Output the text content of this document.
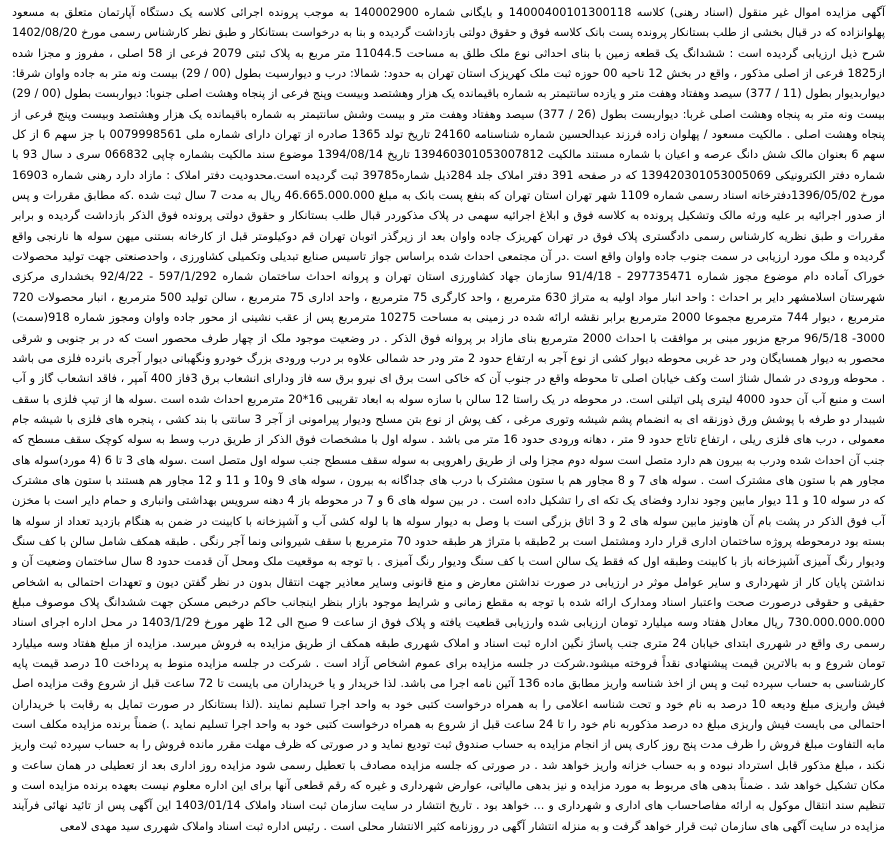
آگهی مزایده اموال غیر منقول (اسناد رهنی) کلاسه 14000400101300118 و بایگانی شماره 140002900 به موجب پرونده اجرائی کلاسه یک دستگاه آپارتمان متعلق به مسعود پهلوانزاده که در قبال بخشی از طلب بستانکار پرونده پست بانک کلاسه فوق و حقوق دولتی بازداشت گردیده و بنا به درخواست بستانکار و طبق نظر کارشناس رسمی مورخ 1402/08/20 شرح ذیل ارزیابی گردیده است : ششدانگ یک قطعه زمین با بنای احداثی نوع ملک طلق به مساحت 11044.5 متر مربع به پلاک ثبتی 2079 فرعی از 58 اصلی ، مفروز و مجزا شده از1825 فرعی از اصلی مذکور ، واقع در بخش 12 ناحیه 00 حوزه ثبت ملک کهریزک استان تهران به حدود: شمالا: درب و دیوارسیت بطول (00 / 29) بیست ونه متر به جاده واوان شرقا: دیواربدیوار بطول (11 / 377) سیصد وهفتاد وهفت متر و یازده سانتیمتر به شماره باقیمانده یک هزار وهشتصد وبیست وپنج فرعی از پنجاه وهشت اصلی جنوبا: دیواربست بطول (00 / 29) بیست ونه متر به پنجاه وهشت اصلی غربا: دیواربست بطول (26 / 377) سیصد وهفتاد وهفت متر و بیست وشش سانتیمتر به شماره باقیمانده یک هزار وهشتصد وبیست وپنج فرعی از پنجاه وهشت اصلی . مالکیت مسعود / پهلوان زاده فرزند عبدالحسین شماره شناسنامه 24160 تاریخ تولد 1365 صادره از تهران دارای شماره ملی 0079998561 با جز سهم 6 از کل سهم 6 بعنوان مالک شش دانگ عرصه و اعیان با شماره مستند مالکیت 139460301053007812 تاریخ 1394/08/14 موضوع سند مالکیت بشماره چاپی 066832 سری د سال 93 با شماره دفتر الکترونیکی 139420301053005069 که در صفحه 391 دفتر املاک جلد 284ذیل شماره39785 ثبت گردیده است.محدودیت دفتر املاک : مازاد دارد رهنی شماره 16903 مورخ 1396/05/02دفترخانه اسناد رسمی شماره 1109 شهر تهران استان تهران که بنفع پست بانک به مبلغ 46.665.000.000 ریال به مدت 7 سال ثبت شده .که مطابق مقررات و پس از صدور اجرائیه بر علیه ورثه مالک وتشکیل پرونده به کلاسه فوق و ابلاغ اجرائیه سهمی در پلاک مذکوردر قبال طلب بستانکار و حقوق دولتی پرونده فوق الذکر بازداشت گردیده و برابر مقررات و طبق نظریه کارشناس رسمی دادگستری پلاک فوق در تهران کهریزک جاده واوان بعد از زیرگذر اتوبان تهران قم دوکیلومتر قبل از کارخانه بستنی میهن سوله ها نارنجی واقع گردیده و ملک مورد ارزیابی در سمت جنوب جاده واوان واقع است .در آن مجتمعی احداث شده براساس جواز تاسیس صنایع تبدیلی وتکمیلی کشاورزی ، واحدصنعتی جهت تولید محصولات خوراک آماده دام موضوع مجوز شماره 297735471 - 91/4/18 سازمان جهاد کشاورزی استان تهران و پروانه احداث ساختمان شماره 597/1/292 - 92/4/22 بخشداری مرکزی شهرستان اسلامشهر دایر بر احداث : واحد انبار مواد اولیه به متراژ 630 مترمربع ، واحد کارگری 75 مترمربع ، واحد اداری 75 مترمربع ، سالن تولید 500 مترمربع ، انبار محصولات 720 مترمربع ، دیوار 744 مترمربع مجموعا 2000 مترمربع برابر نقشه ارائه شده در زمینی به مساحت 10275 مترمربع پس از عقب نشینی از محور جاده واوان ومجوز شماره 918(سمت) 3000- 96/5/18 مرجع مزبور مبنی بر موافقت با احداث 2000 مترمربع بنای مازاد بر پروانه فوق الذکر . در وضعیت موجود ملک از چهار طرف محصور است که در بر جنوبی و شرقی محصور به دیوار همسایگان ودر حد غربی محوطه دیوار کشی از نوع آجر به ارتفاع حدود 2 متر ودر حد شمالی علاوه بر درب ورودی بزرگ خودرو ونگهبانی دیوار آجری بانرده فلزی می باشد . محوطه ورودی در شمال شناژ است وکف خیابان اصلی تا محوطه واقع در جنوب آن که خاکی است برق ای نیرو برق سه فاز ودارای انشعاب برق 3فاز 400 آمپر ، فاقد انشعاب گاز و آب است و منبع آب آن حدود 4000 لیتری پلی اتیلنی است. در محوطه در یک راستا 12 سالن با سازه سوله به ابعاد تقریبی 16*20 مترمربع احداث شده است .سوله ها از تیپ فلزی با سقف شیبدار دو طرفه با پوشش ورق ذوزنقه ای به انضمام پشم شیشه وتوری مرغی ، کف پوش از نوع بتن مسلح ودیوار پیرامونی از آجر 3 سانتی با بند کشی ، پنجره های فلزی با شیشه جام معمولی ، درب های فلزی ریلی ، ارتفاع تاتاج حدود 9 متر ، دهانه ورودی حدود 16 متر می باشد . سوله اول با مشخصات فوق الذکر از طریق درب وسط به سوله کوچک سقف مسطح که جنب آن احداث شده ودرب به بیرون هم دارد متصل است سوله دوم مجزا ولی از طریق راهرویی به سوله سقف مسطح جنب سوله اول متصل است .سوله های 3 تا 6 (4 مورد)سوله های مجاور هم با ستون های مشترک است . سوله های 7 و 8 مجاور هم با ستون مشترک با درب های جداگانه به بیرون ، سوله های 9 و10 و 11 و 12 مجاور هم هستند با ستون های مشترک که در سوله 10 و 11 دیوار مابین وجود ندارد وفضای یک تکه ای را تشکیل داده است . در بین سوله های 6 و 7 در محوطه باز 4 دهنه سرویس بهداشتی وانباری و حمام دایر است با مخزن آب فوق الذکر در پشت بام آن هاونیز مابین سوله های 2 و 3 اتاق بزرگی است با وصل به دیوار سوله ها با لوله کشی آب و آشپزخانه با کابینت در ضمن به هنگام بازدید تعداد از سوله ها بسته بود درمحوطه پروژه ساختمان اداری قرار دارد ومشتمل است بر 2طبقه با متراژ هر طبقه حدود 70 مترمربع با سقف شیروانی ونما آجر رنگی . طبقه همکف شامل سالن با کف سنگ ودیوار رنگ آمیزی آشپزخانه باز با کابینت وطبقه اول که فقط یک سالن است با کف سنگ ودیوار رنگ آمیزی . با توجه به موقعیت ملک ومحل آن قدمت حدود 8 سال ساختمان وضعیت آن و نداشتن پایان کار از شهرداری و سایر عوامل موثر در ارزیابی در صورت نداشتن معارض و منع قانونی وسایر معاذیر جهت انتقال بدون در نظر گفتن دیون و تعهدات احتمالی به اشخاص حقیقی و حقوقی درصورت صحت واعتبار اسناد ومدارک ارائه شده با توجه به مقطع زمانی و شرایط موجود بازار بنظر اینجانب حاکم درخبص مسکن جهت ششدانگ پلاک موصوف مبلغ 730.000.000.000 ریال معادل هفتاد وسه میلیارد تومان ارزیابی شده وارزیابی قطعیت یافته و پلاک فوق از ساعت 9 صبح الی 12 ظهر مورخ 1403/1/29 در محل اداره اجرای اسناد رسمی ری واقع در شهرری ابتدای خیابان 24 متری جنب پاساژ نگین اداره ثبت اسناد و املاک شهرری طبقه همکف از طریق مزایده به فروش میرسد. مزایده از مبلغ هفتاد وسه میلیارد تومان شروع و به بالاترین قیمت پیشنهادی نقداً فروخته میشود.شرکت در جلسه مزایده برای عموم اشخاص آزاد است . شرکت در جلسه مزایده منوط به پرداخت 10 درصد قیمت پایه کارشناسی به حساب سپرده ثبت و پس از اخذ شناسه واریز مطابق ماده 136 آئین نامه اجرا می باشد. لذا خریدار و یا خریداران می بایست تا 72 ساعت قبل از شروع وقت مزایده اصل فیش واریزی مبلغ ودیعه 10 درصد به نام خود و تحت شناسه اعلامی را به همراه درخواست کتبی خود به واحد اجرا تسلیم نمایند .(لذا بستانکار در صورت تمایل به رقابت با خریداران احتمالی می بایست فیش واریزی مبلغ ده درصد مذکوربه نام خود را تا 24 ساعت قبل از شروع به همراه درخواست کتبی خود به واحد اجرا تسلیم نماید .) ضمناً برنده مزایده مکلف است مابه التفاوت مبلغ فروش را ظرف مدت پنج روز کاری پس از انجام مزایده به حساب صندوق ثبت تودیع نماید و در صورتی که ظرف مهلت مقرر مانده فروش را به حساب سپرده ثبت واریز نکند ، مبلغ مذکور قابل استرداد نبوده و به حساب خزانه واریز خواهد شد . در صورتی که جلسه مزایده مصادف با تعطیل رسمی شود مزایده روز اداری بعد از تعطیلی در همان ساعت و مکان تشکیل خواهد شد . ضمناً بدهی های مربوط به مورد مزایده و نیز بدهی مالیاتی، عوارض شهرداری و غیره که رقم قطعی آنها برای این اداره معلوم نیست بعهده برنده مزایده است و تنظیم سند انتقال موکول به ارائه مفاصاحساب های اداری و شهرداری و ... خواهد بود . تاریخ انتشار در سایت سازمان ثبت اسناد واملاک 1403/01/14 این آگهی پس از تائید نهائی فرآیند مزایده در سایت آگهی های سازمان ثبت قرار خواهد گرفت و به منزله انتشار آگهی در روزنامه کثیر الانتشار محلی است . رئیس اداره ثبت اسناد واملاک شهرری سید مهدی لامعی
